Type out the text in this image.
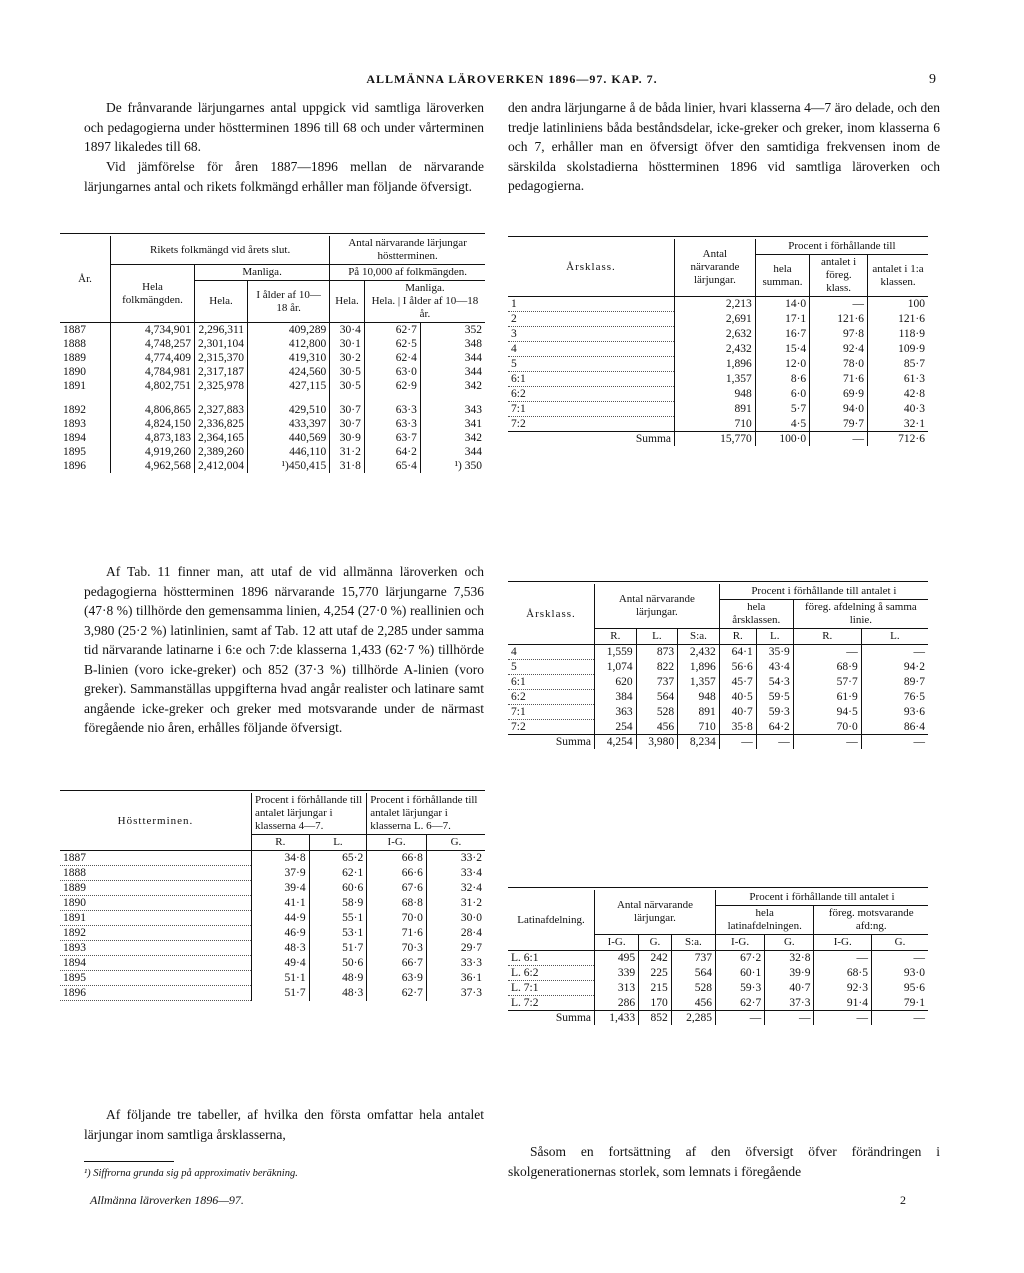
ALLMÄNNA LÄROVERKEN 1896—97. KAP. 7.	9
De frånvarande lärjungarnes antal uppgick vid samtliga läroverken och pedagogierna under höstterminen 1896 till 68 och under vårterminen 1897 likaledes till 68.
Vid jämförelse för åren 1887—1896 mellan de närvarande lärjungarnes antal och rikets folkmängd erhåller man följande öfversigt.
År.	Rikets folkmängd vid årets slut.			Antal närvarande lärjungar höstterminen.		
	Hela folkmängden.	Manliga.		På 10,000 af folkmängden.		
		Hela.	I ålder af 10—18 år.	Hela.	Manliga.
Hela. | I ålder af 10—18 år.	
1887	4,734,901	2,296,311	409,289	30·4	62·7	352
1888	4,748,257	2,301,104	412,800	30·1	62·5	348
1889	4,774,409	2,315,370	419,310	30·2	62·4	344
1890	4,784,981	2,317,187	424,560	30·5	63·0	344
1891	4,802,751	2,325,978	427,115	30·5	62·9	342

1892	4,806,865	2,327,883	429,510	30·7	63·3	343
1893	4,824,150	2,336,825	433,397	30·7	63·3	341
1894	4,873,183	2,364,165	440,569	30·9	63·7	342
1895	4,919,260	2,389,260	446,110	31·2	64·2	344
1896	4,962,568	2,412,004	¹)450,415	31·8	65·4	¹) 350
Af Tab. 11 finner man, att utaf de vid allmänna läroverken och pedagogierna höstterminen 1896 närvarande 15,770 lärjungarne 7,536 (47·8 %) tillhörde den gemensamma linien, 4,254 (27·0 %) reallinien och 3,980 (25·2 %) latinlinien, samt af Tab. 12 att utaf de 2,285 under samma tid närvarande latinarne i 6:e och 7:de klasserna 1,433 (62·7 %) tillhörde B-linien (voro icke-greker) och 852 (37·3 %) tillhörde A-linien (voro greker). Sammanställas uppgifterna hvad angår realister och latinare samt angående icke-greker och greker med motsvarande under de närmast föregående nio åren, erhålles följande öfversigt.
Höstterminen.	Procent i förhållande till antalet lärjungar i klasserna 4—7.		Procent i förhållande till antalet lärjungar i klasserna L. 6—7.	
	R.	L.	I-G.	G.
1887	34·8	65·2	66·8	33·2
1888	37·9	62·1	66·6	33·4
1889	39·4	60·6	67·6	32·4
1890	41·1	58·9	68·8	31·2
1891	44·9	55·1	70·0	30·0
1892	46·9	53·1	71·6	28·4
1893	48·3	51·7	70·3	29·7
1894	49·4	50·6	66·7	33·3
1895	51·1	48·9	63·9	36·1
1896	51·7	48·3	62·7	37·3
Af följande tre tabeller, af hvilka den första omfattar hela antalet lärjungar inom samtliga årsklasserna,
¹) Siffrorna grunda sig på approximativ beräkning.
Allmänna läroverken 1896—97.
den andra lärjungarne å de båda linier, hvari klasserna 4—7 äro delade, och den tredje latinliniens båda beståndsdelar, icke-greker och greker, inom klasserna 6 och 7, erhåller man en öfversigt öfver den samtidiga frekvensen inom de särskilda skolstadierna höstterminen 1896 vid samtliga läroverken och pedagogierna.
Årsklass.	Antal närvarande lärjungar.	Procent i förhållande till		
		hela summan.	antalet i föreg. klass.	antalet i 1:a klassen.
1	2,213	14·0	—	100
2	2,691	17·1	121·6	121·6
3	2,632	16·7	97·8	118·9
4	2,432	15·4	92·4	109·9
5	1,896	12·0	78·0	85·7
6:1	1,357	8·6	71·6	61·3
6:2	948	6·0	69·9	42·8
7:1	891	5·7	94·0	40·3
7:2	710	4·5	79·7	32·1
Summa	15,770	100·0	—	712·6
Årsklass.	Antal närvarande lärjungar.			Procent i förhållande till antalet i			
				hela årsklassen.		föreg. afdelning å samma linie.	
	R.	L.	S:a.	R.	L.	R.	L.
4	1,559	873	2,432	64·1	35·9	—	—
5	1,074	822	1,896	56·6	43·4	68·9	94·2
6:1	620	737	1,357	45·7	54·3	57·7	89·7
6:2	384	564	948	40·5	59·5	61·9	76·5
7:1	363	528	891	40·7	59·3	94·5	93·6
7:2	254	456	710	35·8	64·2	70·0	86·4
Summa	4,254	3,980	8,234	—	—	—	—
Latinafdelning.	Antal närvarande lärjungar.			Procent i förhållande till antalet i			
				hela latinafdelningen.		föreg. motsvarande afd:ng.	
	I-G.	G.	S:a.	I-G.	G.	I-G.	G.
L. 6:1	495	242	737	67·2	32·8	—	—
L. 6:2	339	225	564	60·1	39·9	68·5	93·0
L. 7:1	313	215	528	59·3	40·7	92·3	95·6
L. 7:2	286	170	456	62·7	37·3	91·4	79·1
Summa	1,433	852	2,285	—	—	—	—
Såsom en fortsättning af den öfversigt öfver förändringen i skolgenerationernas storlek, som lemnats i föregående
2
